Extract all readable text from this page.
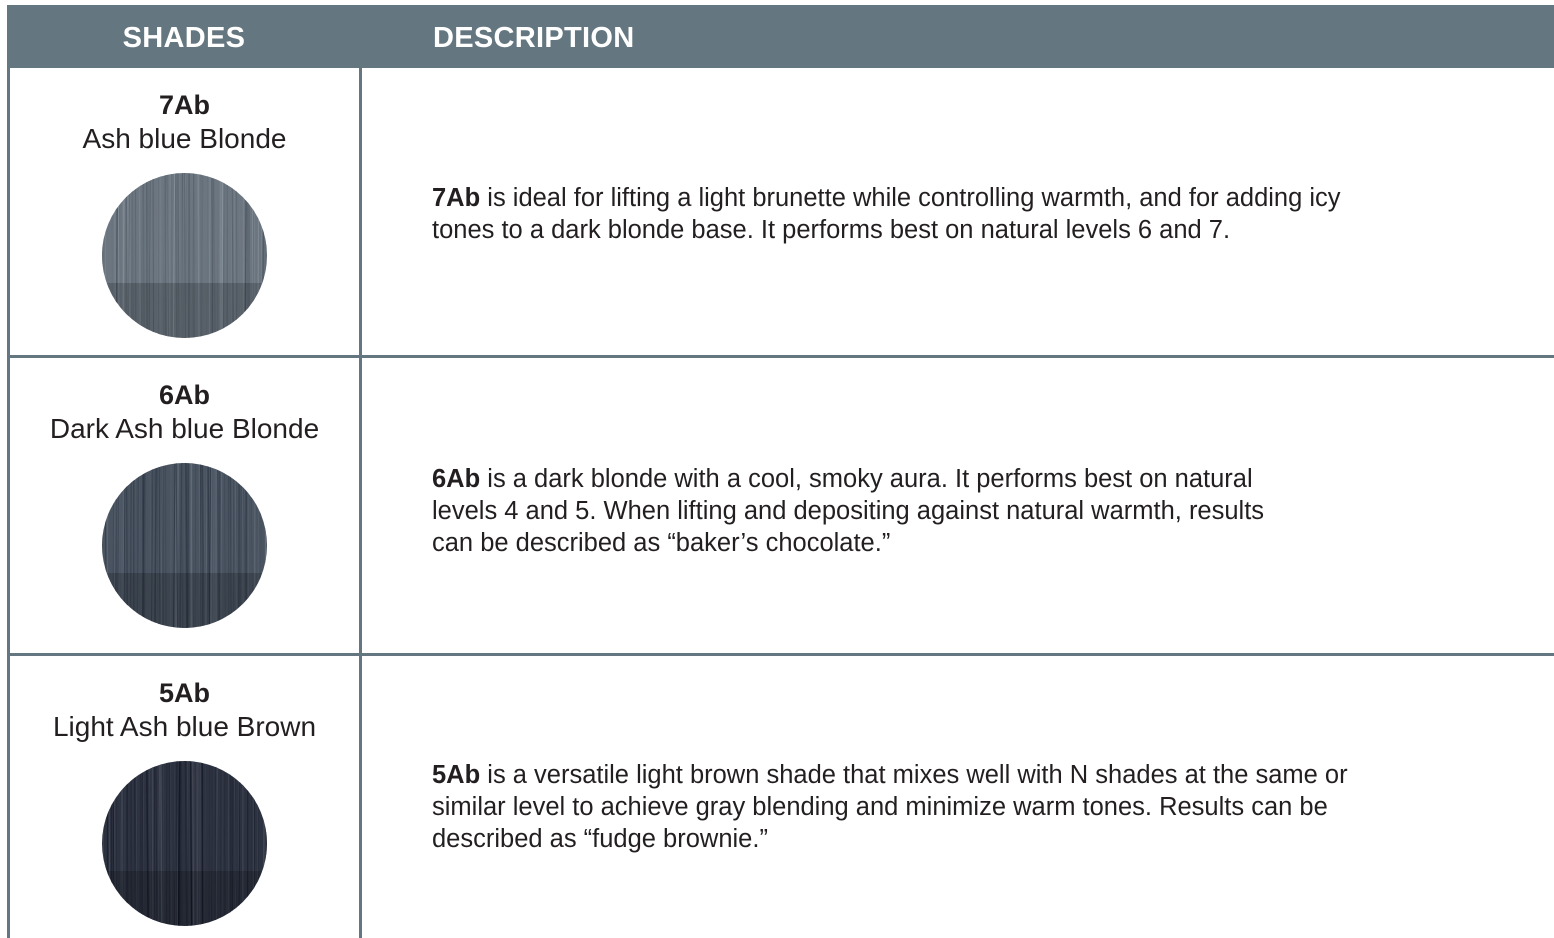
SHADES	DESCRIPTION
7Ab
Ash blue Blonde
7Ab is ideal for lifting a light brunette while controlling warmth, and for adding icy
tones to a dark blonde base. It performs best on natural levels 6 and 7.
6Ab
Dark Ash blue Blonde
6Ab is a dark blonde with a cool, smoky aura. It performs best on natural
levels 4 and 5. When lifting and depositing against natural warmth, results
can be described as “baker’s chocolate.”
5Ab
Light Ash blue Brown
5Ab is a versatile light brown shade that mixes well with N shades at the same or
similar level to achieve gray blending and minimize warm tones. Results can be
described as “fudge brownie.”
